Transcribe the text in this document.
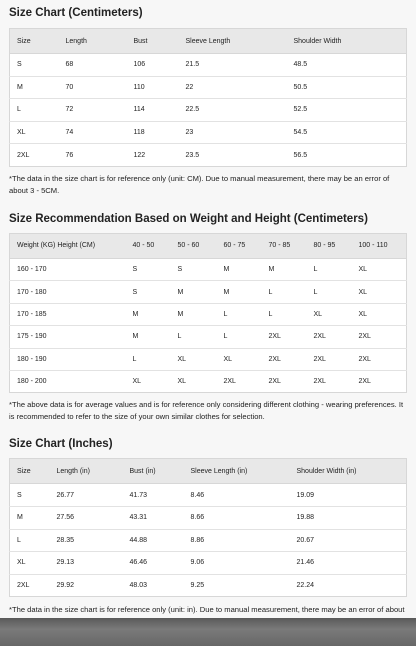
Size Chart (Centimeters)
Size	Length	Bust	Sleeve Length	Shoulder Width
S	68	106	21.5	48.5
M	70	110	22	50.5
L	72	114	22.5	52.5
XL	74	118	23	54.5
2XL	76	122	23.5	56.5

*The data in the size chart is for reference only (unit: CM). Due to manual measurement, there may be an error of about 3 - 5CM.

Size Recommendation Based on Weight and Height (Centimeters)
Weight (KG) Height (CM)	40 - 50	50 - 60	60 - 75	70 - 85	80 - 95	100 - 110
160 - 170	S	S	M	M	L	XL
170 - 180	S	M	M	L	L	XL
170 - 185	M	M	L	L	XL	XL
175 - 190	M	L	L	2XL	2XL	2XL
180 - 190	L	XL	XL	2XL	2XL	2XL
180 - 200	XL	XL	2XL	2XL	2XL	2XL

*The above data is for average values and is for reference only considering different clothing - wearing preferences. It is recommended to refer to the size of your own similar clothes for selection.

Size Chart (Inches)
Size	Length (in)	Bust (in)	Sleeve Length (in)	Shoulder Width (in)
S	26.77	41.73	8.46	19.09
M	27.56	43.31	8.66	19.88
L	28.35	44.88	8.86	20.67
XL	29.13	46.46	9.06	21.46
2XL	29.92	48.03	9.25	22.24

*The data in the size chart is for reference only (unit: in). Due to manual measurement, there may be an error of about
